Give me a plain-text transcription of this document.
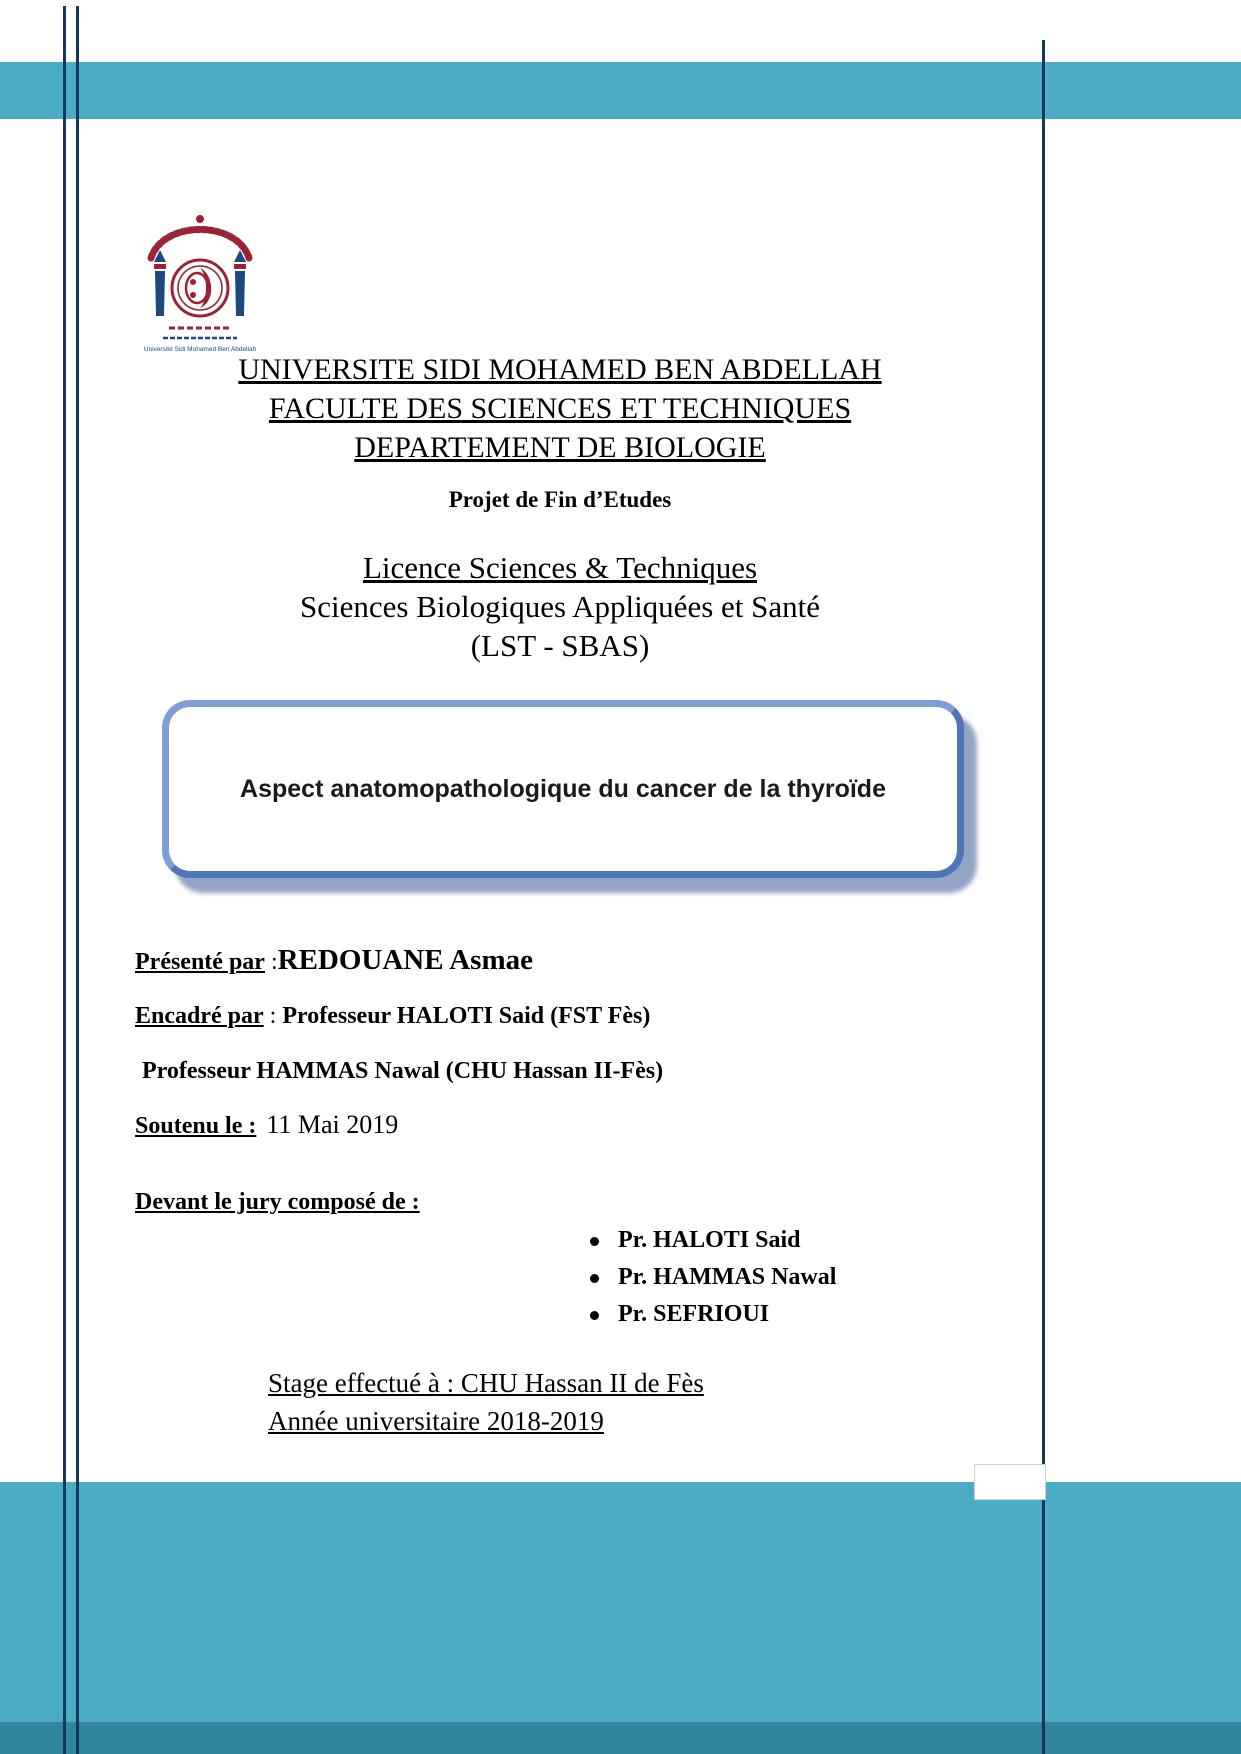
Université Sidi Mohamed Ben Abdellah
UNIVERSITE SIDI MOHAMED BEN ABDELLAH
FACULTE DES SCIENCES ET TECHNIQUES
DEPARTEMENT DE BIOLOGIE
Projet de Fin d’Etudes
Licence Sciences & Techniques
Sciences Biologiques Appliquées et Santé
(LST - SBAS)
Aspect anatomopathologique du cancer de la thyroïde
Présenté par :REDOUANE Asmae
Encadré par : Professeur HALOTI Said (FST Fès)
Professeur HAMMAS Nawal (CHU Hassan II-Fès)
Soutenu le : 11 Mai 2019
Devant le jury composé de :
Pr. HALOTI Said
Pr. HAMMAS Nawal
Pr. SEFRIOUI
Stage effectué à : CHU Hassan II de Fès
Année universitaire 2018-2019
